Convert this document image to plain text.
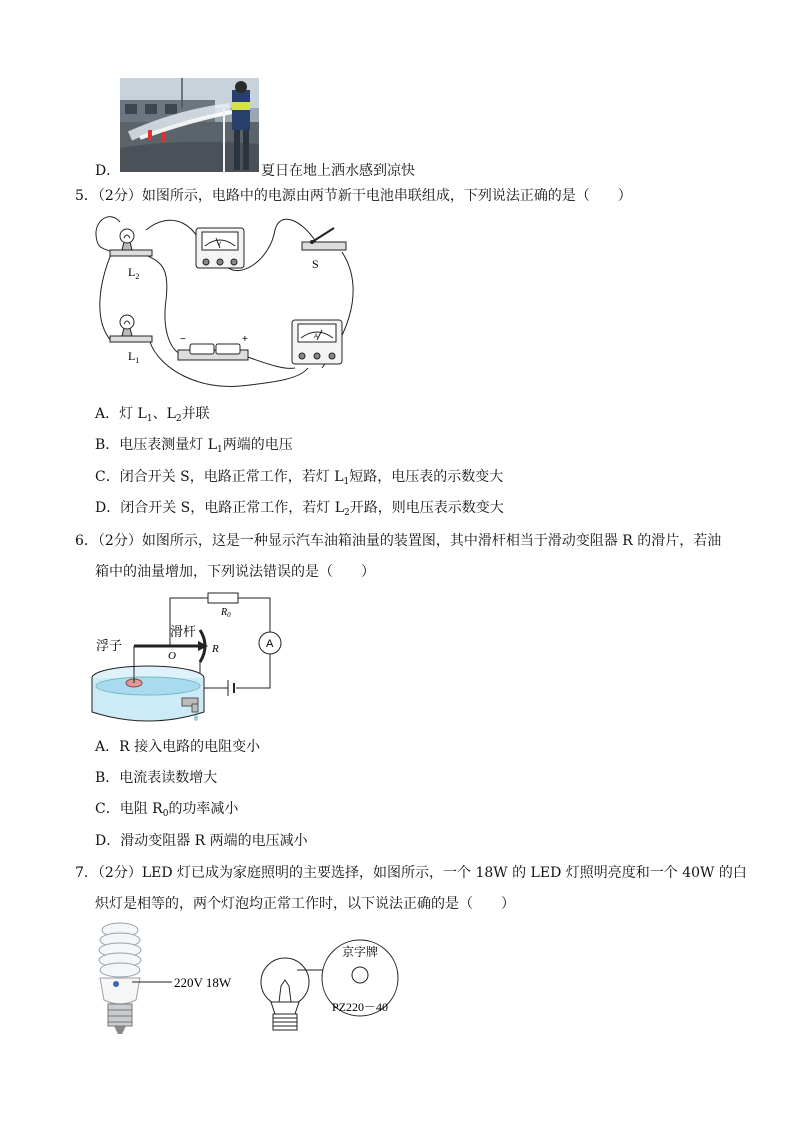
D．	夏日在地上洒水感到凉快
5．（2分）如图所示，电路中的电源由两节新干电池串联组成，下列说法正确的是（　　）
$L_2$
$L_1$
S
V
A
−	+
A．灯 $L_1$、$L_2$并联
B．电压表测量灯 $L_1$两端的电压
C．闭合开关 S，电路正常工作，若灯 $L_1$短路，电压表的示数变大
D．闭合开关 S，电路正常工作，若灯 $L_2$开路，则电压表示数变大
6．（2分）如图所示，这是一种显示汽车油箱油量的装置图，其中滑杆相当于滑动变阻器 R 的滑片，若油
箱中的油量增加，下列说法错误的是（　　）
浮子
滑杆
O
R
$R_0$
A
A．R 接入电路的电阻变小
B．电流表读数增大
C．电阻 $R_0$的功率减小
D．滑动变阻器 R 两端的电压减小
7．（2分）LED 灯已成为家庭照明的主要选择，如图所示，一个 18W 的 LED 灯照明亮度和一个 40W 的白
炽灯是相等的，两个灯泡均正常工作时，以下说法正确的是（　　）
220V 18W
京字牌
PZ220－40
